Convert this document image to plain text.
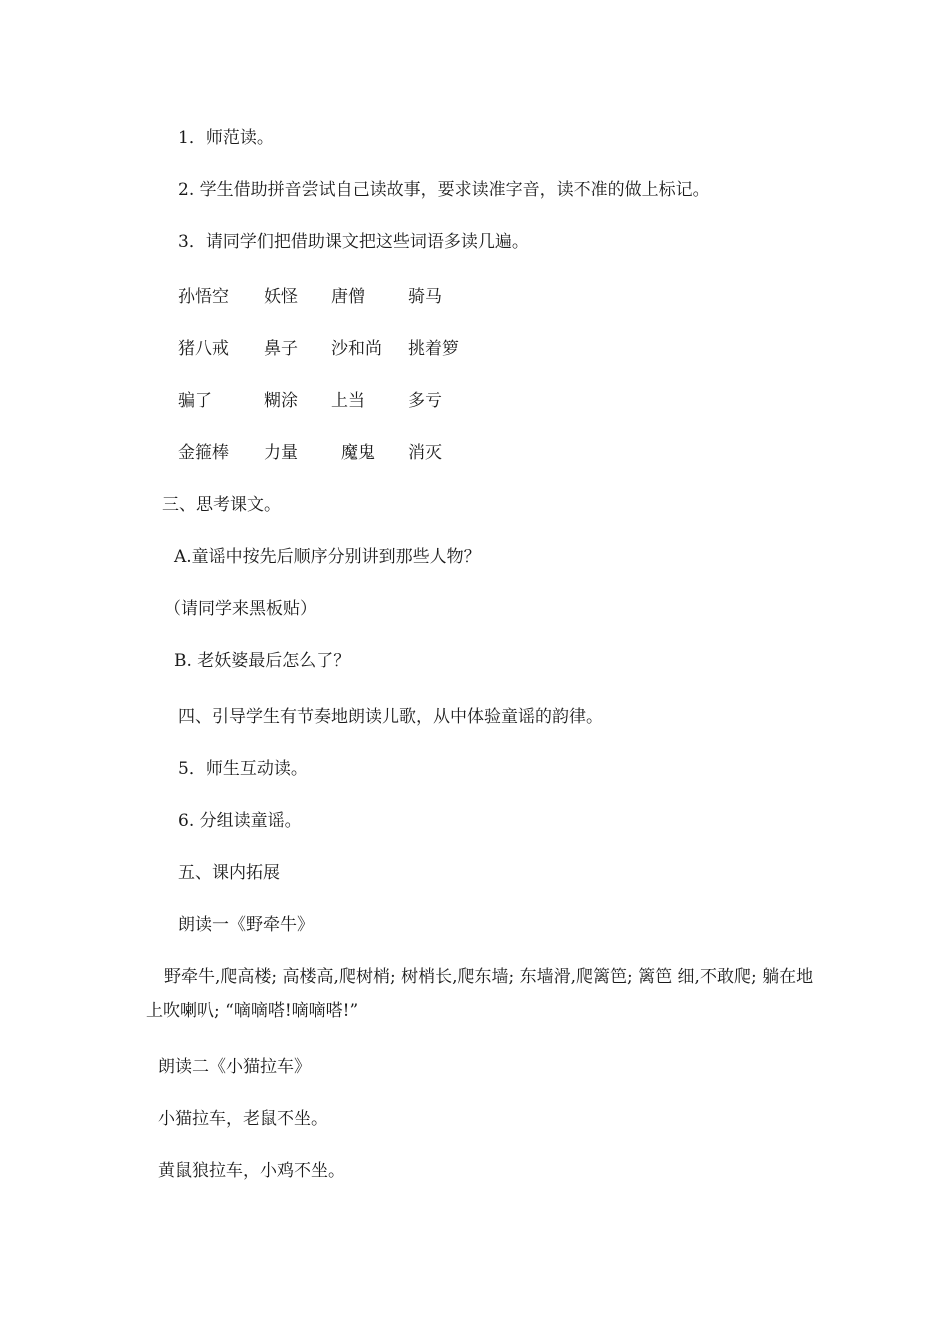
1．师范读。
2. 学生借助拼音尝试自己读故事，要求读准字音，读不准的做上标记。
3．请同学们把借助课文把这些词语多读几遍。
孙悟空 妖怪 唐僧	骑马
猪八戒 鼻子 沙和尚 挑着箩
骗了	糊涂 上当	多亏
金箍棒 力量	魔鬼 消灭
三、思考课文。
A.童谣中按先后顺序分别讲到那些人物？
（请同学来黑板贴）
B. 老妖婆最后怎么了？
四、引导学生有节奏地朗读儿歌，从中体验童谣的韵律。
5．师生互动读。
6. 分组读童谣。
五、课内拓展
朗读一《野牵牛》
野牵牛,爬高楼; 高楼高,爬树梢; 树梢长,爬东墙; 东墙滑,爬篱笆; 篱笆 细,不敢爬; 躺在地上吹喇叭; “嘀嘀嗒!嘀嘀嗒!”
朗读二《小猫拉车》
小猫拉车，老鼠不坐。
黄鼠狼拉车，小鸡不坐。
